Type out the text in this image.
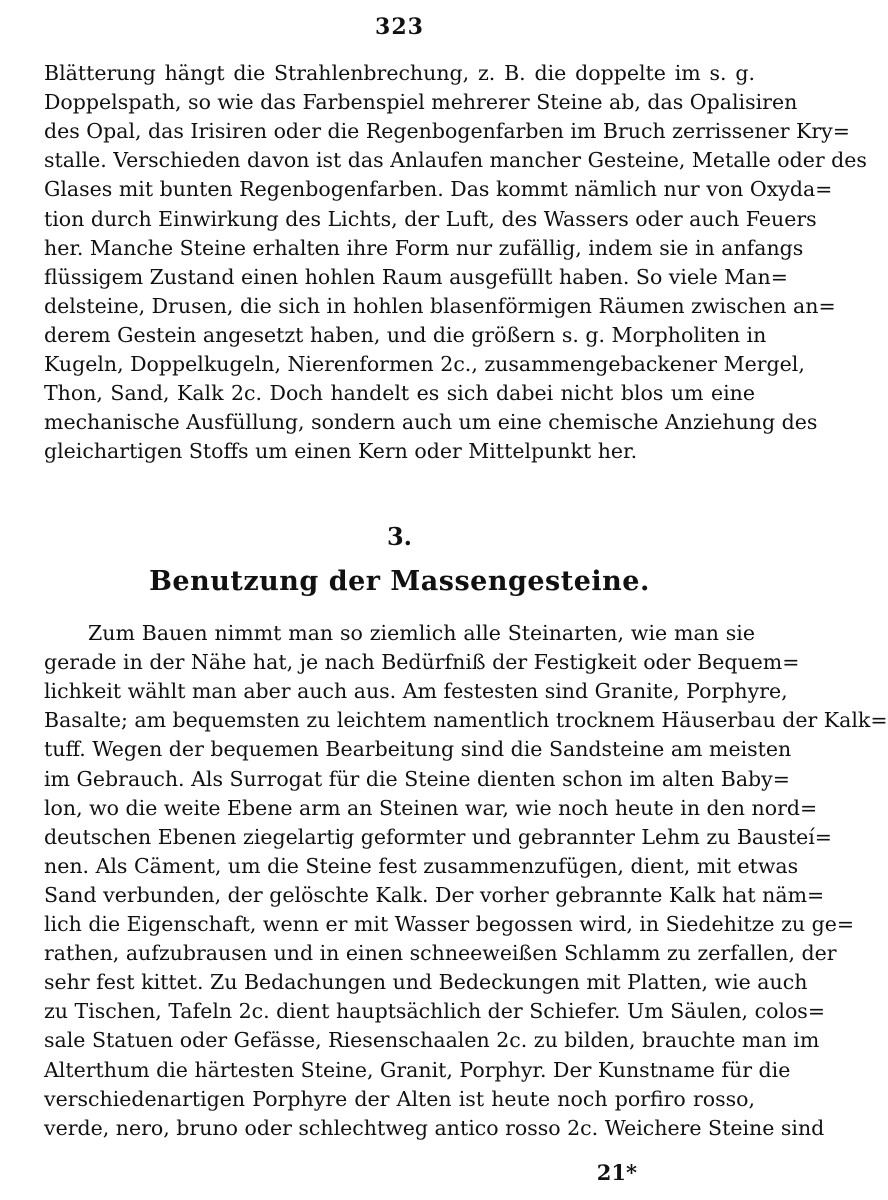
323
Blätterung hängt die Strahlenbrechung, z. B. die doppelte im s. g.
Doppelspath, so wie das Farbenspiel mehrerer Steine ab, das Opalisiren
des Opal, das Irisiren oder die Regenbogenfarben im Bruch zerrissener Kry=
stalle. Verschieden davon ist das Anlaufen mancher Gesteine, Metalle oder des
Glases mit bunten Regenbogenfarben. Das kommt nämlich nur von Oxyda=
tion durch Einwirkung des Lichts, der Luft, des Wassers oder auch Feuers
her. Manche Steine erhalten ihre Form nur zufällig, indem sie in anfangs
flüssigem Zustand einen hohlen Raum ausgefüllt haben. So viele Man=
delsteine, Drusen, die sich in hohlen blasenförmigen Räumen zwischen an=
derem Gestein angesetzt haben, und die größern s. g. Morpholiten in
Kugeln, Doppelkugeln, Nierenformen 2c., zusammengebackener Mergel,
Thon, Sand, Kalk 2c. Doch handelt es sich dabei nicht blos um eine
mechanische Ausfüllung, sondern auch um eine chemische Anziehung des
gleichartigen Stoffs um einen Kern oder Mittelpunkt her.
3.
Benutzung der Massengesteine.
Zum Bauen nimmt man so ziemlich alle Steinarten, wie man sie
gerade in der Nähe hat, je nach Bedürfniß der Festigkeit oder Bequem=
lichkeit wählt man aber auch aus. Am festesten sind Granite, Porphyre,
Basalte; am bequemsten zu leichtem namentlich trocknem Häuserbau der Kalk=
tuff. Wegen der bequemen Bearbeitung sind die Sandsteine am meisten
im Gebrauch. Als Surrogat für die Steine dienten schon im alten Baby=
lon, wo die weite Ebene arm an Steinen war, wie noch heute in den nord=
deutschen Ebenen ziegelartig geformter und gebrannter Lehm zu Bausteí=
nen. Als Cäment, um die Steine fest zusammenzufügen, dient, mit etwas
Sand verbunden, der gelöschte Kalk. Der vorher gebrannte Kalk hat näm=
lich die Eigenschaft, wenn er mit Wasser begossen wird, in Siedehitze zu ge=
rathen, aufzubrausen und in einen schneeweißen Schlamm zu zerfallen, der
sehr fest kittet. Zu Bedachungen und Bedeckungen mit Platten, wie auch
zu Tischen, Tafeln 2c. dient hauptsächlich der Schiefer. Um Säulen, colos=
sale Statuen oder Gefässe, Riesenschaalen 2c. zu bilden, brauchte man im
Alterthum die härtesten Steine, Granit, Porphyr. Der Kunstname für die
verschiedenartigen Porphyre der Alten ist heute noch porfiro rosso,
verde, nero, bruno oder schlechtweg antico rosso 2c. Weichere Steine sind
21*
